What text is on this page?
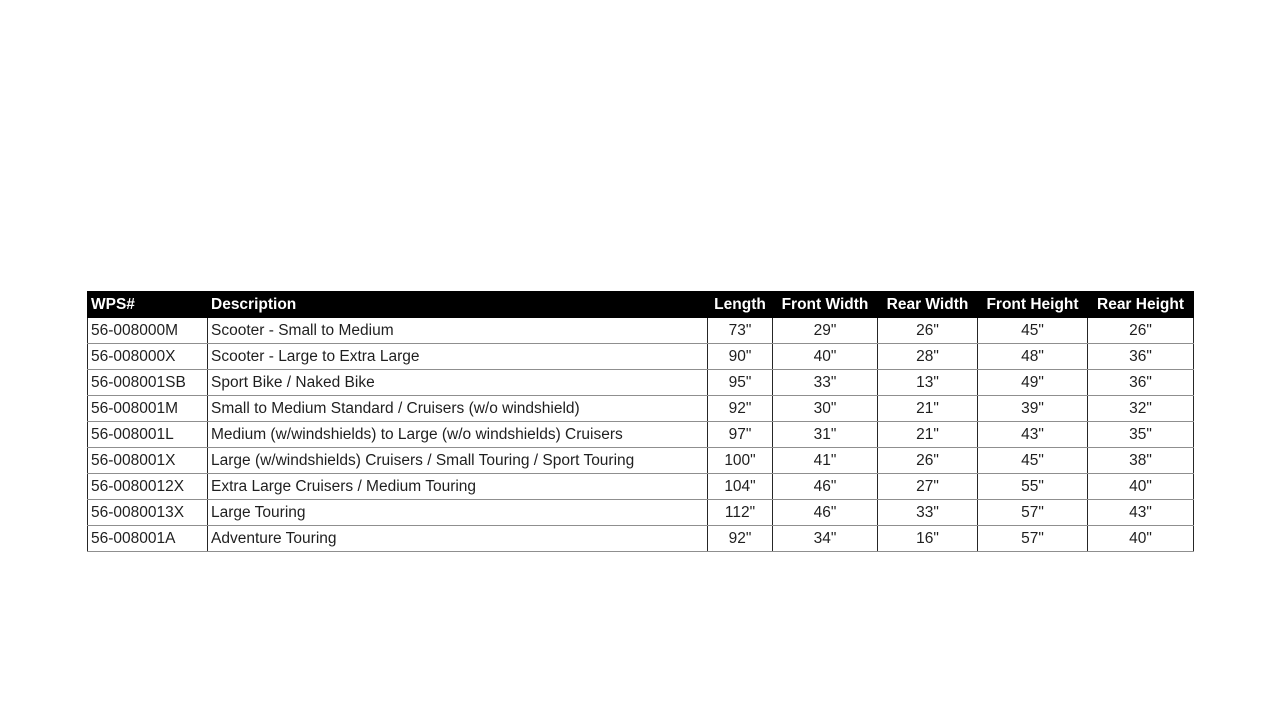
WPS#	Description	Length	Front Width	Rear Width	Front Height	Rear Height
56-008000M	Scooter - Small to Medium	73"	29"	26"	45"	26"
56-008000X	Scooter - Large to Extra Large	90"	40"	28"	48"	36"
56-008001SB	Sport Bike / Naked Bike	95"	33"	13"	49"	36"
56-008001M	Small to Medium Standard / Cruisers (w/o windshield)	92"	30"	21"	39"	32"
56-008001L	Medium (w/windshields) to Large (w/o windshields) Cruisers	97"	31"	21"	43"	35"
56-008001X	Large (w/windshields) Cruisers / Small Touring / Sport Touring	100"	41"	26"	45"	38"
56-0080012X	Extra Large Cruisers / Medium Touring	104"	46"	27"	55"	40"
56-0080013X	Large Touring	112"	46"	33"	57"	43"
56-008001A	Adventure Touring	92"	34"	16"	57"	40"
